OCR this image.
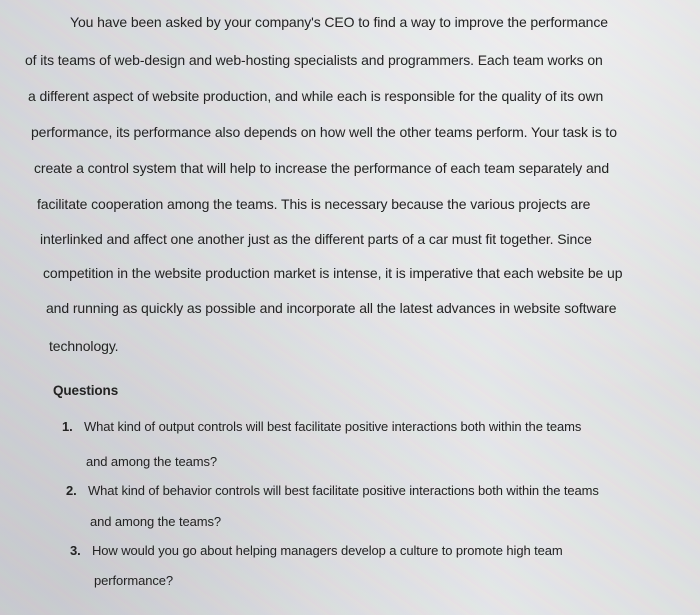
You have been asked by your company's CEO to find a way to improve the performance
of its teams of web-design and web-hosting specialists and programmers. Each team works on
a different aspect of website production, and while each is responsible for the quality of its own
performance, its performance also depends on how well the other teams perform. Your task is to
create a control system that will help to increase the performance of each team separately and
facilitate cooperation among the teams. This is necessary because the various projects are
interlinked and affect one another just as the different parts of a car must fit together. Since
competition in the website production market is intense, it is imperative that each website be up
and running as quickly as possible and incorporate all the latest advances in website software
technology.
Questions
1. What kind of output controls will best facilitate positive interactions both within the teams
and among the teams?
2. What kind of behavior controls will best facilitate positive interactions both within the teams
and among the teams?
3. How would you go about helping managers develop a culture to promote high team
performance?
